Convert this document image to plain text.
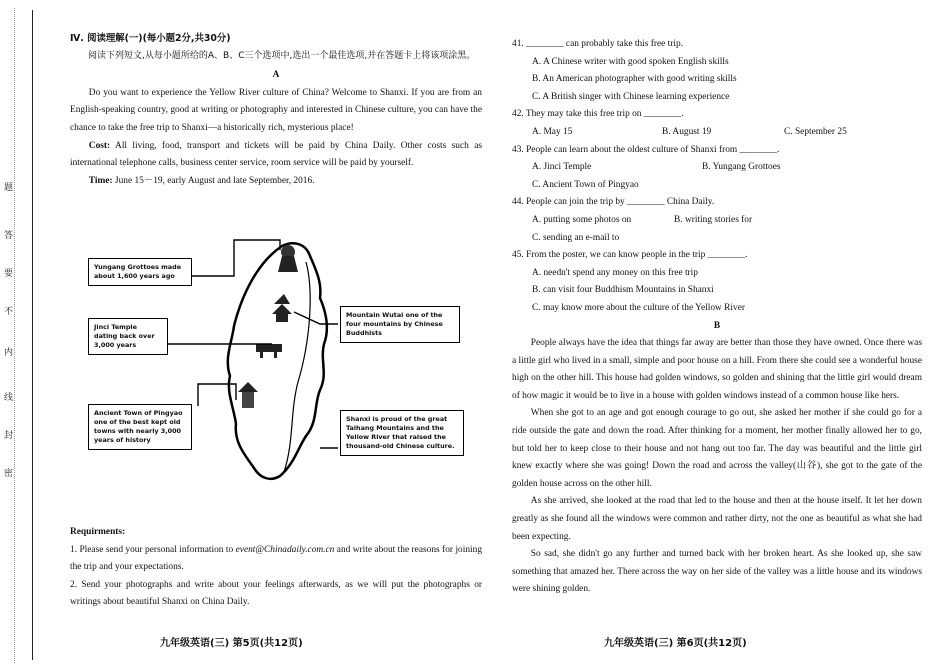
题
答
要
不
内
线
封
密
Ⅳ. 阅读理解(一)(每小题2分,共30分)

阅读下列短文,从每小题所给的A、B、C三个选项中,选出一个最佳选项,并在答题卡上将该项涂黑。

A

Do you want to experience the Yellow River culture of China? Welcome to Shanxi. If you are from an English-speaking country, good at writing or photography and interested in Chinese culture, you can have the chance to take the free trip to Shanxi—a historically rich, mysterious place!

Cost: All living, food, transport and tickets will be paid by China Daily. Other costs such as international telephone calls, business center service, room service will be paid by yourself.

Time: June 15－19, early August and late September, 2016.

Yungang Grottoes made about 1,600 years ago
Jinci Temple dating back over 3,000 years
Ancient Town of Pingyao one of the best kept old towns with nearly 3,000 years of history
Mountain Wutai one of the four mountains by Chinese Buddhists
Shanxi is proud of the great Taihang Mountains and the Yellow River that raised the thousand-old Chinese culture.
Requirments:

1. Please send your personal information to event@Chinadaily.com.cn and write about the reasons for joining the trip and your expectations.

2. Send your photographs and write about your feelings afterwards, as we will put the photographs or writings about beautiful Shanxi on China Daily.

九年级英语(三) 第5页(共12页)

41. ________ can probably take this free trip.

A. A Chinese writer with good spoken English skills
B. An American photographer with good writing skills
C. A British singer with Chinese learning experience

42. They may take this free trip on ________.

A. May 15	B. August 19	C. September 25

43. People can learn about the oldest culture of Shanxi from ________.

A. Jinci Temple	B. Yungang Grottoes
C. Ancient Town of Pingyao

44. People can join the trip by ________ China Daily.

A. putting some photos on	B. writing stories for
C. sending an e-mail to

45. From the poster, we can know people in the trip ________.

A. needn't spend any money on this free trip
B. can visit four Buddhism Mountains in Shanxi
C. may know more about the culture of the Yellow River
B

People always have the idea that things far away are better than those they have owned. Once there was a little girl who lived in a small, simple and poor house on a hill. From there she could see a wonderful house high on the other hill. This house had golden windows, so golden and shining that the little girl would dream of how magic it would be to live in a house with golden windows instead of a common house like hers.

When she got to an age and got enough courage to go out, she asked her mother if she could go for a ride outside the gate and down the road. After thinking for a moment, her mother finally allowed her to go, but told her to keep close to their house and not hang out too far. The day was beautiful and the little girl knew exactly where she was going! Down the road and across the valley(山谷), she got to the gate of the golden house across on the other hill.

As she arrived, she looked at the road that led to the house and then at the house itself. It let her down greatly as she found all the windows were common and rather dirty, not the one as beautiful as what she had been expecting.

So sad, she didn't go any further and turned back with her broken heart. As she looked up, she saw something that amazed her. There across the way on her side of the valley was a little house and its windows were shining golden.

九年级英语(三) 第6页(共12页)
